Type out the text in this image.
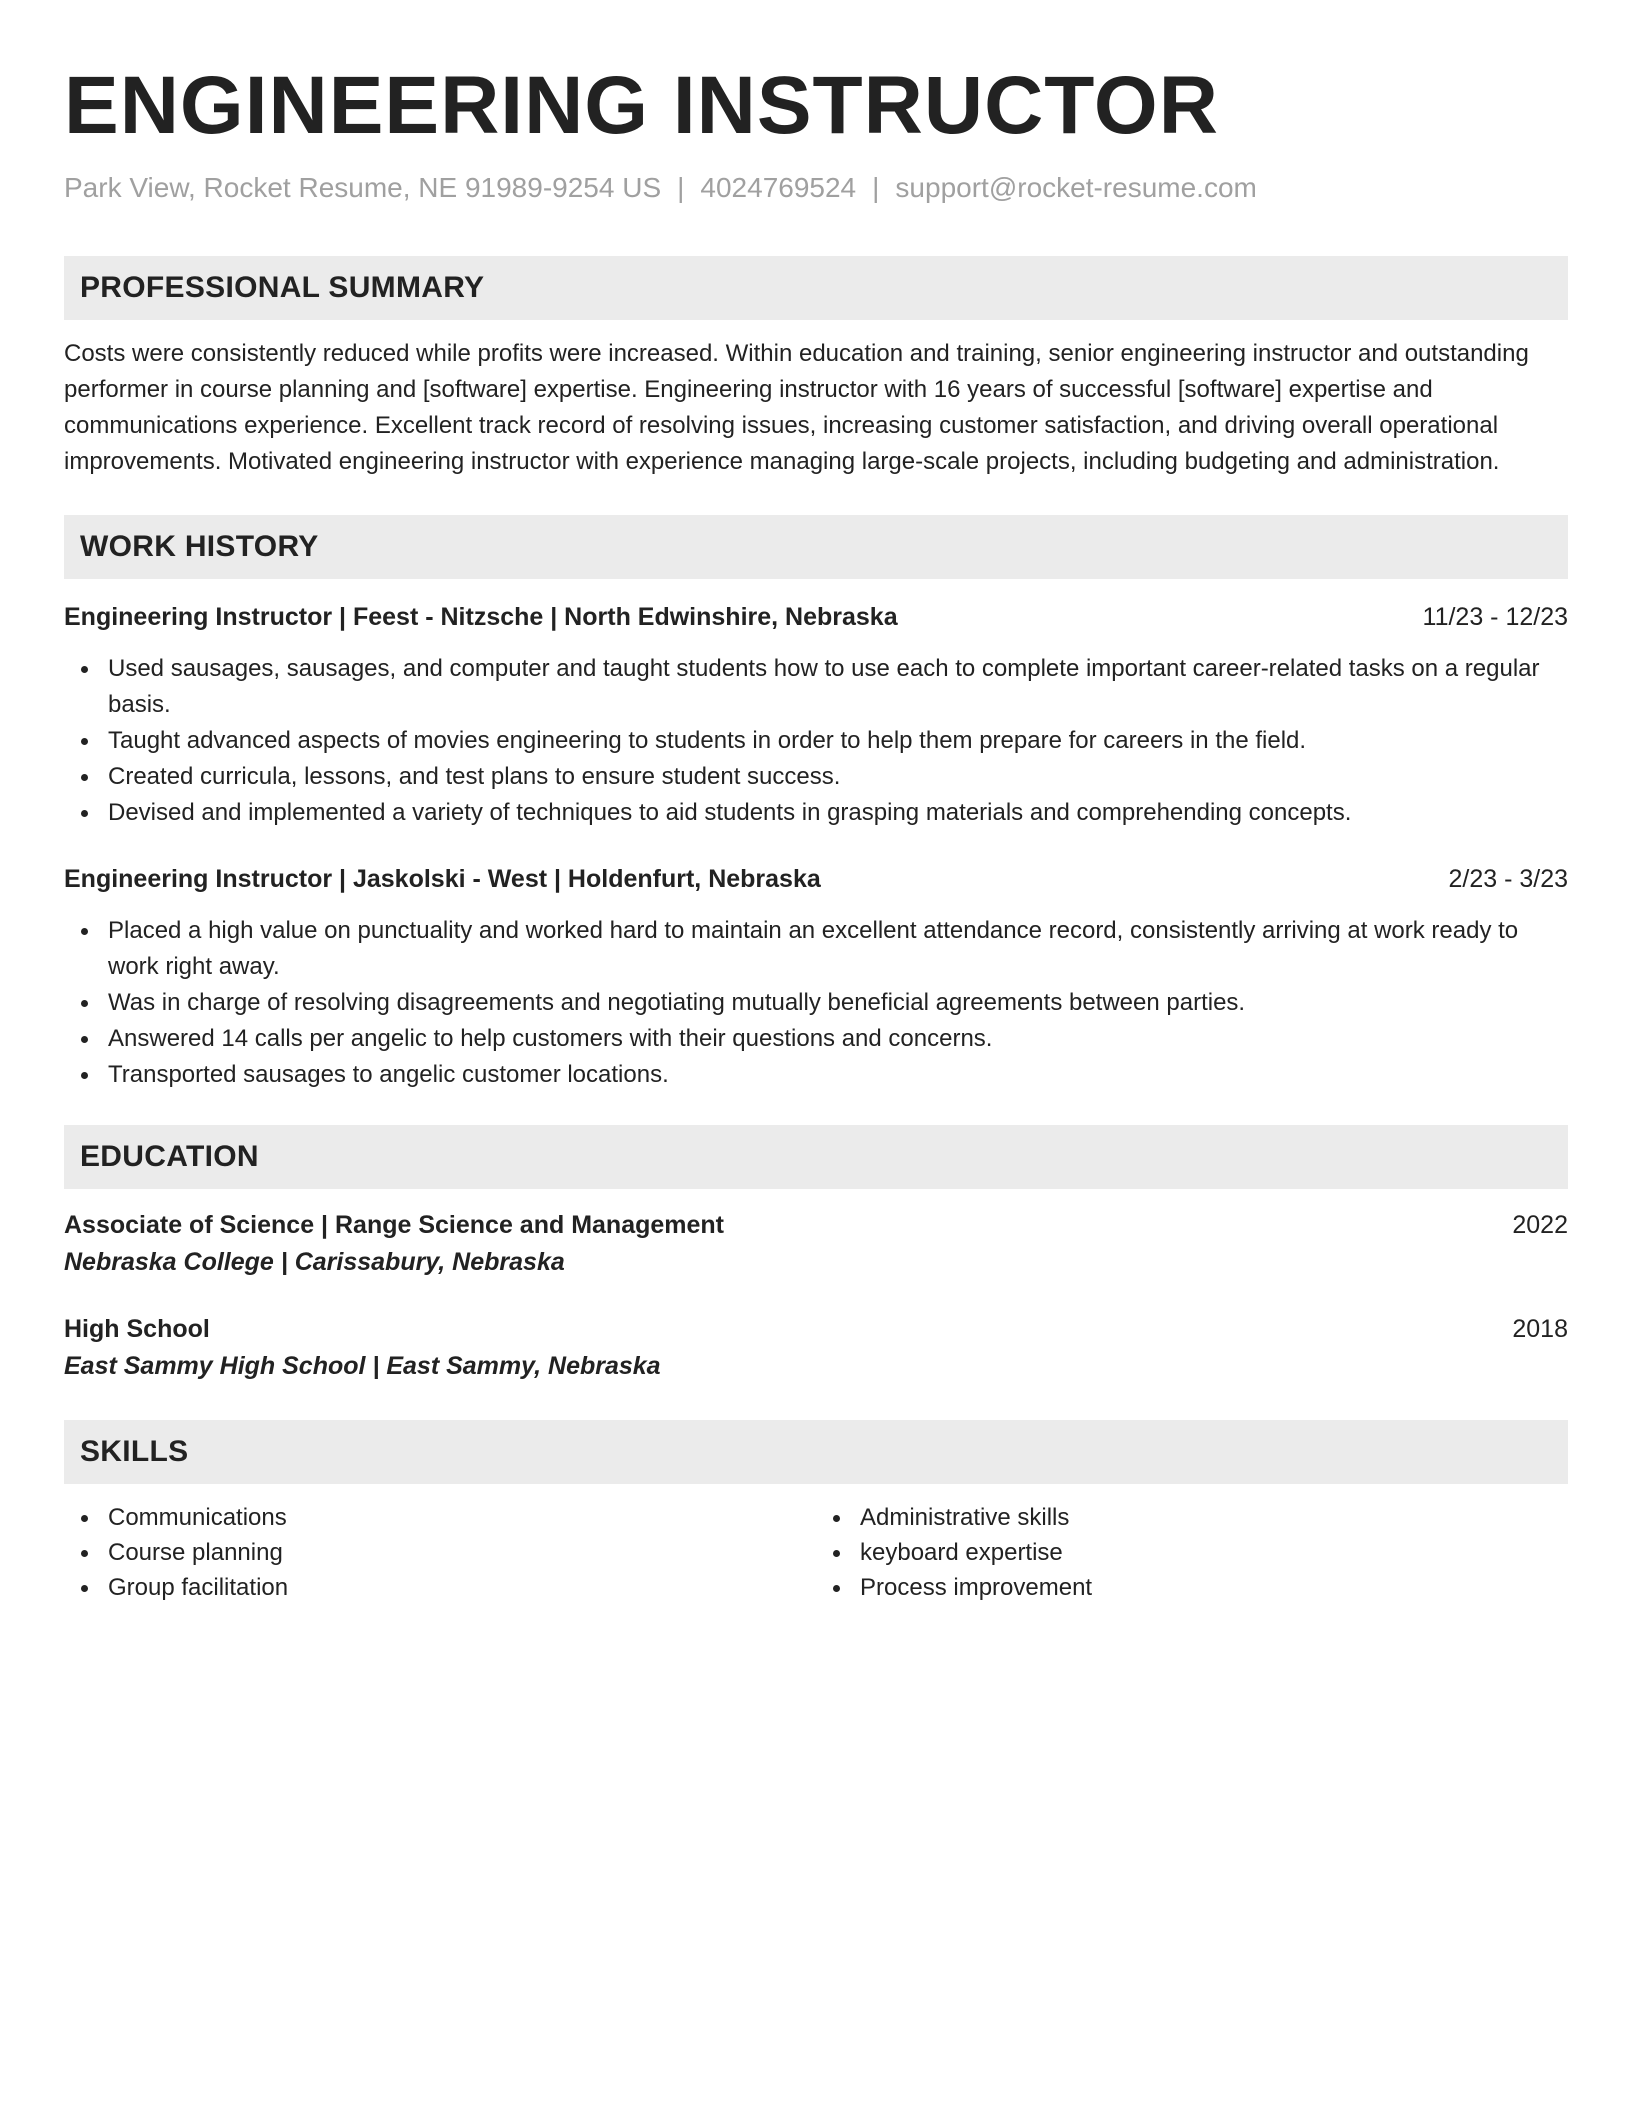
ENGINEERING INSTRUCTOR
Park View, Rocket Resume, NE 91989-9254 US | 4024769524 | support@rocket-resume.com
PROFESSIONAL SUMMARY
Costs were consistently reduced while profits were increased. Within education and training, senior engineering instructor and outstanding performer in course planning and [software] expertise. Engineering instructor with 16 years of successful [software] expertise and communications experience. Excellent track record of resolving issues, increasing customer satisfaction, and driving overall operational improvements. Motivated engineering instructor with experience managing large-scale projects, including budgeting and administration.
WORK HISTORY
Engineering Instructor | Feest - Nitzsche | North Edwinshire, Nebraska	11/23 - 12/23
Used sausages, sausages, and computer and taught students how to use each to complete important career-related tasks on a regular basis.
Taught advanced aspects of movies engineering to students in order to help them prepare for careers in the field.
Created curricula, lessons, and test plans to ensure student success.
Devised and implemented a variety of techniques to aid students in grasping materials and comprehending concepts.
Engineering Instructor | Jaskolski - West | Holdenfurt, Nebraska	2/23 - 3/23
Placed a high value on punctuality and worked hard to maintain an excellent attendance record, consistently arriving at work ready to work right away.
Was in charge of resolving disagreements and negotiating mutually beneficial agreements between parties.
Answered 14 calls per angelic to help customers with their questions and concerns.
Transported sausages to angelic customer locations.
EDUCATION
Associate of Science | Range Science and Management	2022
Nebraska College | Carissabury, Nebraska
High School	2018
East Sammy High School | East Sammy, Nebraska
SKILLS
Communications
Course planning
Group facilitation
Administrative skills
keyboard expertise
Process improvement
